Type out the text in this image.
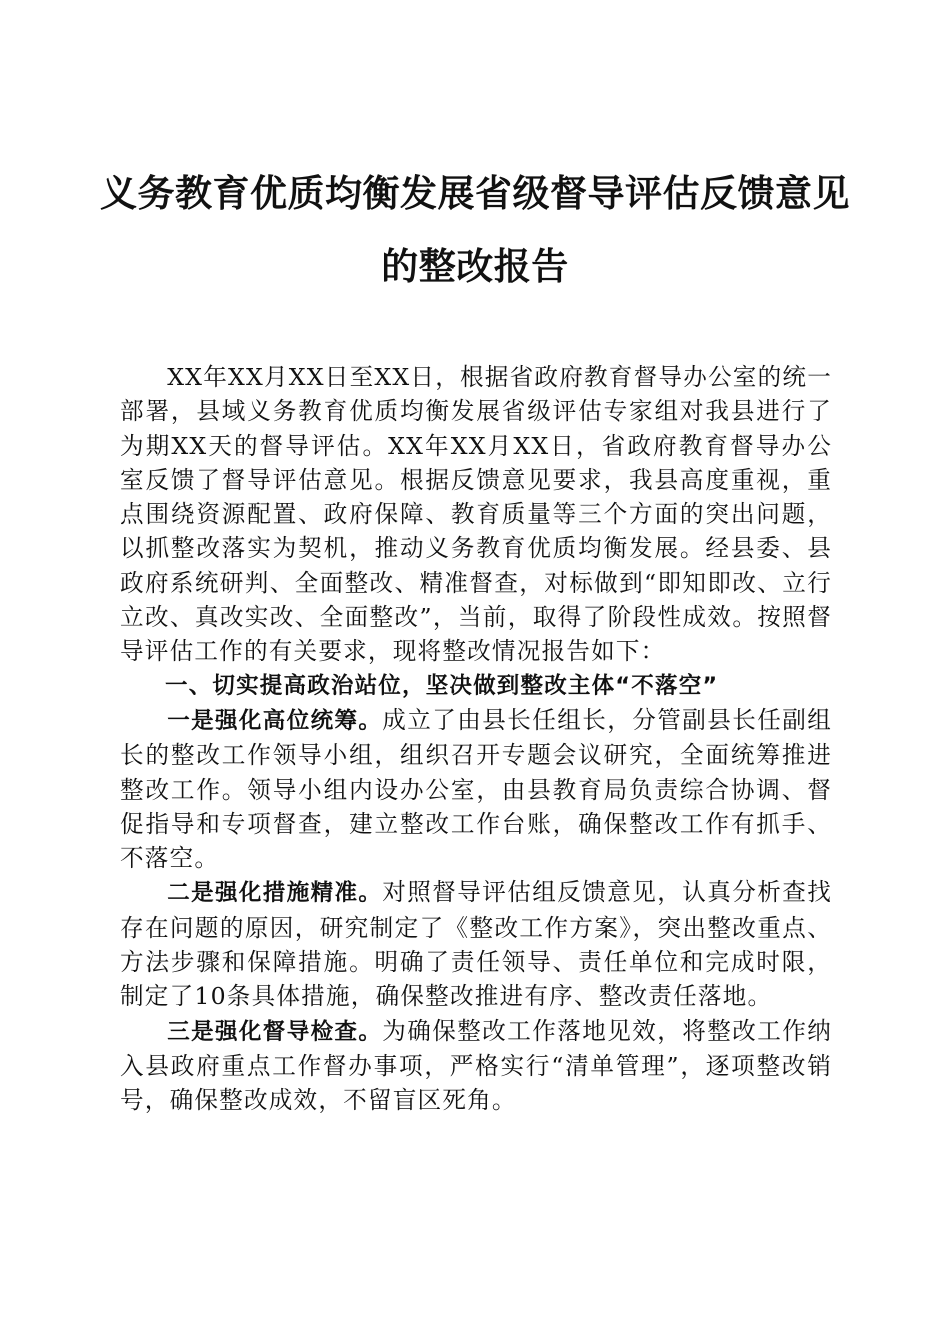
义务教育优质均衡发展省级督导评估反馈意见
的整改报告

XX年XX月XX日至XX日，根据省政府教育督导办公室的统一部署，县域义务教育优质均衡发展省级评估专家组对我县进行了为期XX天的督导评估。XX年XX月XX日，省政府教育督导办公室反馈了督导评估意见。根据反馈意见要求，我县高度重视，重点围绕资源配置、政府保障、教育质量等三个方面的突出问题，以抓整改落实为契机，推动义务教育优质均衡发展。经县委、县政府系统研判、全面整改、精准督查，对标做到“即知即改、立行立改、真改实改、全面整改”，当前，取得了阶段性成效。按照督导评估工作的有关要求，现将整改情况报告如下：

一、切实提高政治站位，坚决做到整改主体“不落空”

一是强化高位统筹。成立了由县长任组长，分管副县长任副组长的整改工作领导小组，组织召开专题会议研究，全面统筹推进整改工作。领导小组内设办公室，由县教育局负责综合协调、督促指导和专项督查，建立整改工作台账，确保整改工作有抓手、不落空。

二是强化措施精准。对照督导评估组反馈意见，认真分析查找存在问题的原因，研究制定了《整改工作方案》，突出整改重点、方法步骤和保障措施。明确了责任领导、责任单位和完成时限，制定了10条具体措施，确保整改推进有序、整改责任落地。

三是强化督导检查。为确保整改工作落地见效，将整改工作纳入县政府重点工作督办事项，严格实行“清单管理”，逐项整改销号，确保整改成效，不留盲区死角。
